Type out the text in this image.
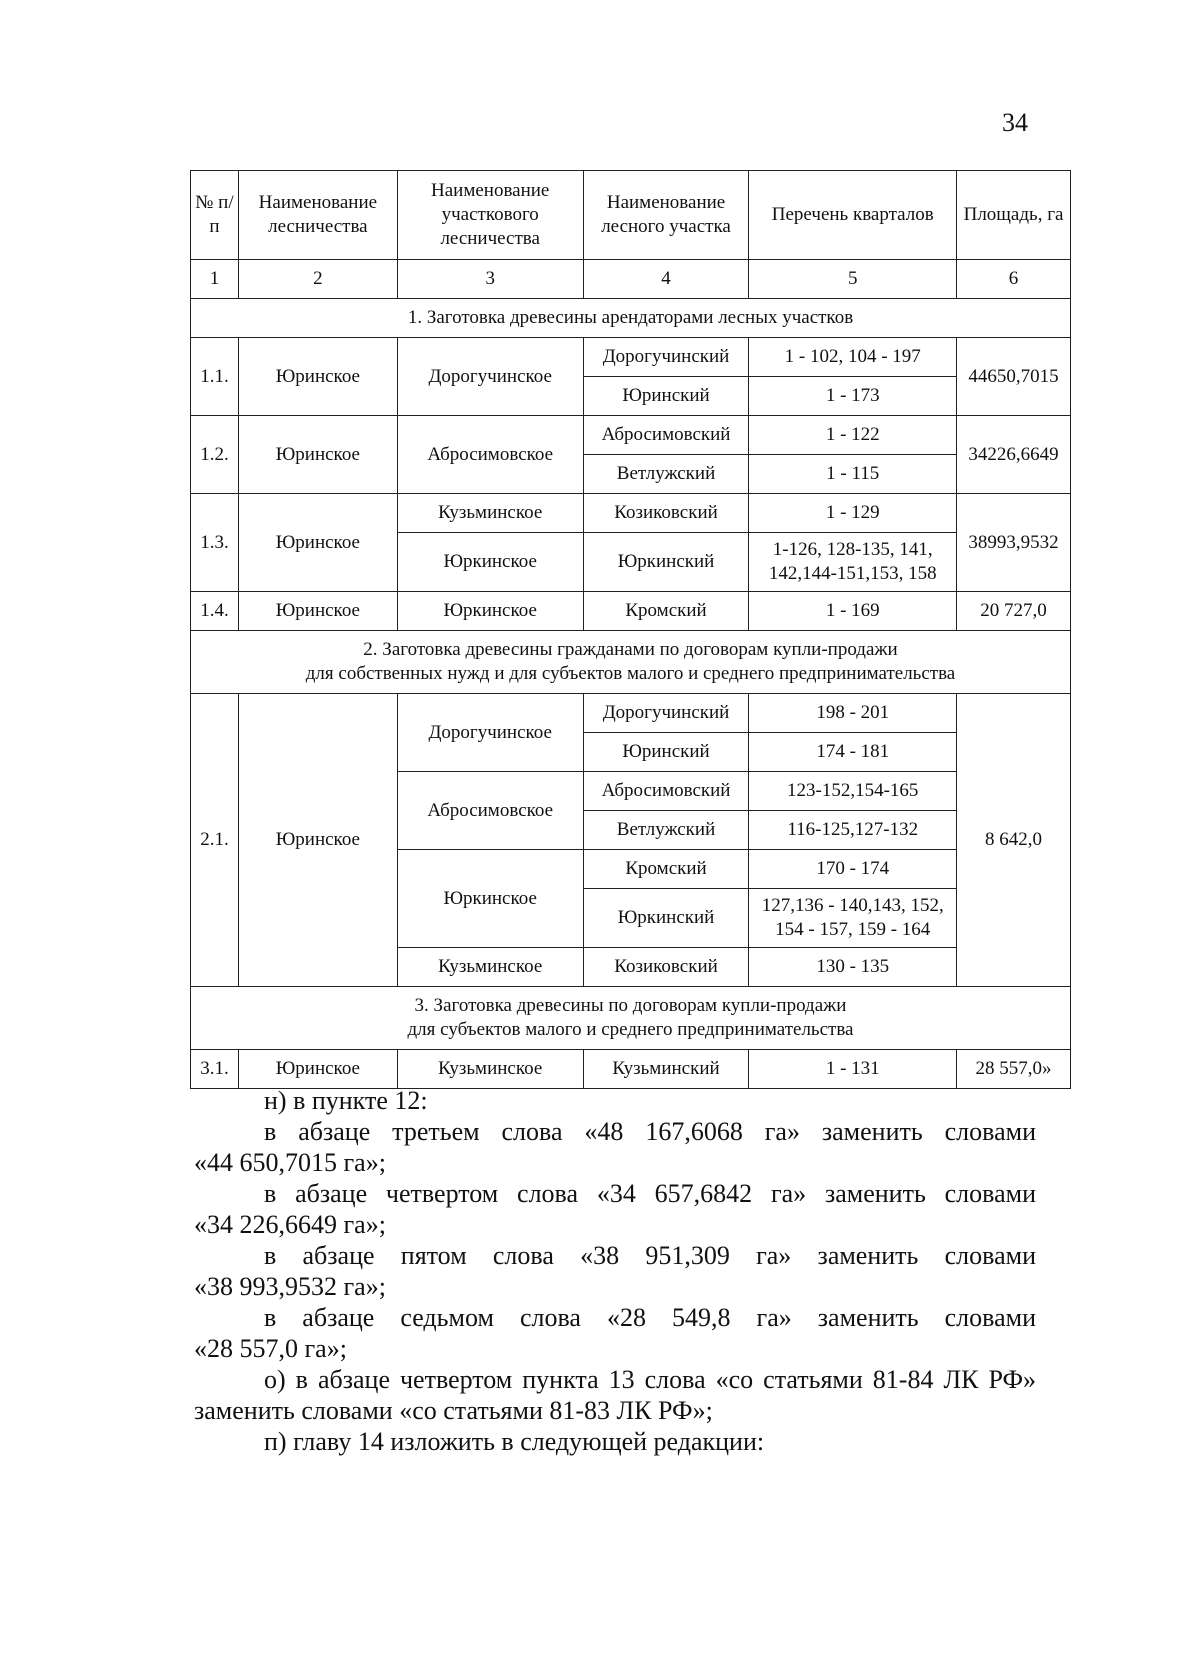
34
№ п/п	Наименование лесничества	Наименование участкового лесничества	Наименование лесного участка	Перечень кварталов	Площадь, га
1	2	3	4	5	6
1. Заготовка древесины арендаторами лесных участков					
1.1.	Юринское	Дорогучинское	Дорогучинский	1 - 102, 104 - 197	44650,7015
			Юринский	1 - 173	
1.2.	Юринское	Абросимовское	Абросимовский	1 - 122	34226,6649
			Ветлужский	1 - 115	
1.3.	Юринское	Кузьминское	Козиковский	1 - 129	38993,9532
		Юркинское	Юркинский	1-126, 128-135, 141,
142,144-151,153, 158	

1.4.	Юринское	Юркинское	Кромский	1 - 169	20 727,0

2. Заготовка древесины гражданами по договорам купли-продажи
для собственных нужд и для субъектов малого и среднего предпринимательства					

2.1.	Юринское	Дорогучинское	Дорогучинский	198 - 201	8 642,0
			Юринский	174 - 181	
		Абросимовское	Абросимовский	123-152,154-165	
			Ветлужский	116-125,127-132	
		Юркинское	Кромский	170 - 174	
			Юркинский	127,136 - 140,143, 152,
154 - 157, 159 - 164	

		Кузьминское	Козиковский	130 - 135	

3. Заготовка древесины по договорам купли-продажи
для субъектов малого и среднего предпринимательства					

3.1.	Юринское	Кузьминское	Кузьминский	1 - 131	28 557,0»

н) в пункте 12:

в абзаце третьем слова «48 167,6068 га» заменить словами

«44 650,7015 га»;

в абзаце четвертом слова «34 657,6842 га» заменить словами

«34 226,6649 га»;

в абзаце пятом слова «38 951,309 га» заменить словами

«38 993,9532 га»;

в абзаце седьмом слова «28 549,8 га» заменить словами

«28 557,0 га»;

о) в абзаце четвертом пункта 13 слова «со статьями 81-84 ЛК РФ»

заменить словами «со статьями 81-83 ЛК РФ»;

п) главу 14 изложить в следующей редакции:
